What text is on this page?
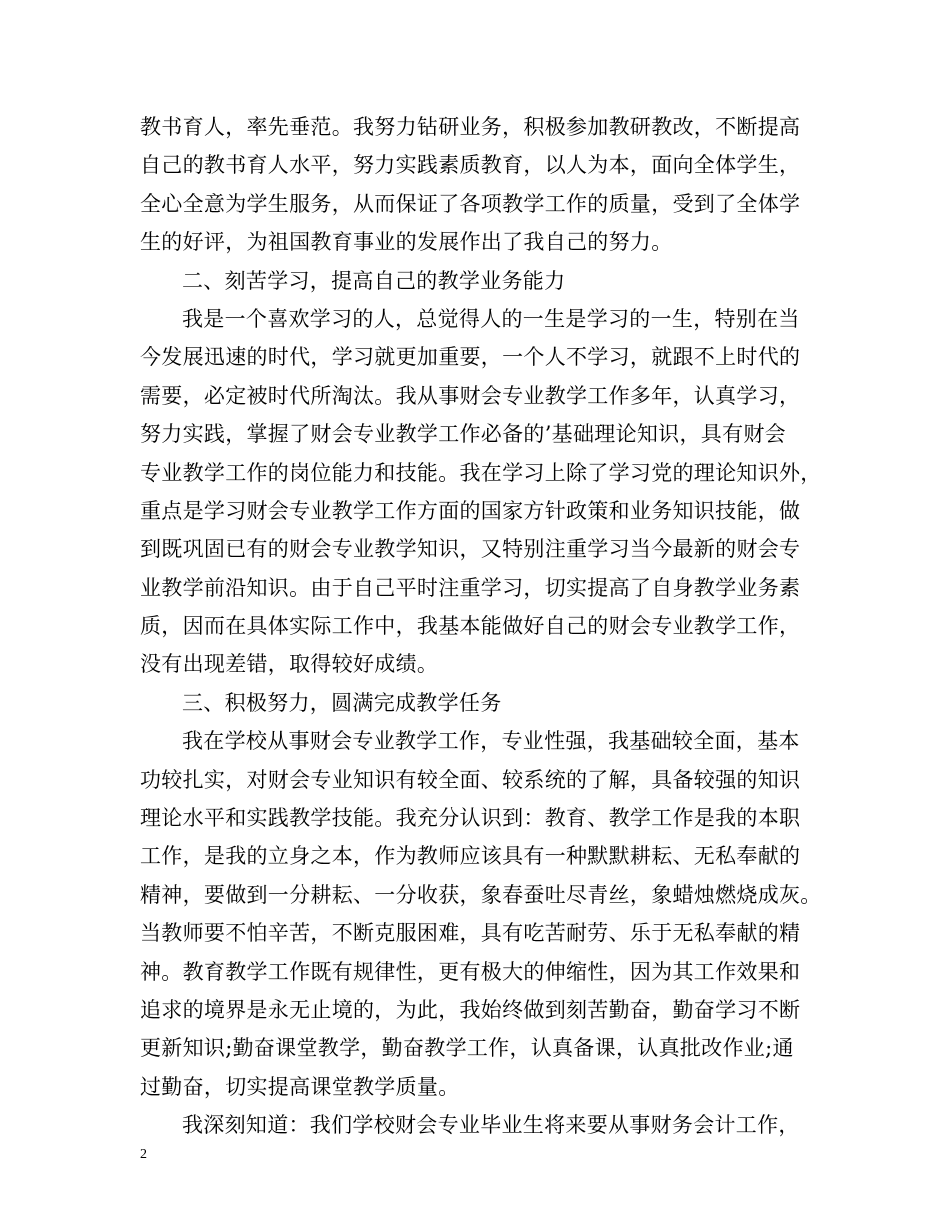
教书育人，率先垂范。我努力钻研业务，积极参加教研教改，不断提高
自己的教书育人水平，努力实践素质教育，以人为本，面向全体学生，
全心全意为学生服务，从而保证了各项教学工作的质量，受到了全体学
生的好评，为祖国教育事业的发展作出了我自己的努力。
二、刻苦学习，提高自己的教学业务能力
我是一个喜欢学习的人，总觉得人的一生是学习的一生，特别在当
今发展迅速的时代，学习就更加重要，一个人不学习，就跟不上时代的
需要，必定被时代所淘汰。我从事财会专业教学工作多年，认真学习，
努力实践，掌握了财会专业教学工作必备的’基础理论知识，具有财会
专业教学工作的岗位能力和技能。我在学习上除了学习党的理论知识外，
重点是学习财会专业教学工作方面的国家方针政策和业务知识技能，做
到既巩固已有的财会专业教学知识，又特别注重学习当今最新的财会专
业教学前沿知识。由于自己平时注重学习，切实提高了自身教学业务素
质，因而在具体实际工作中，我基本能做好自己的财会专业教学工作，
没有出现差错，取得较好成绩。
三、积极努力，圆满完成教学任务
我在学校从事财会专业教学工作，专业性强，我基础较全面，基本
功较扎实，对财会专业知识有较全面、较系统的了解，具备较强的知识
理论水平和实践教学技能。我充分认识到：教育、教学工作是我的本职
工作，是我的立身之本，作为教师应该具有一种默默耕耘、无私奉献的
精神，要做到一分耕耘、一分收获，象春蚕吐尽青丝，象蜡烛燃烧成灰。
当教师要不怕辛苦，不断克服困难，具有吃苦耐劳、乐于无私奉献的精
神。教育教学工作既有规律性，更有极大的伸缩性，因为其工作效果和
追求的境界是永无止境的，为此，我始终做到刻苦勤奋，勤奋学习不断
更新知识;勤奋课堂教学，勤奋教学工作，认真备课，认真批改作业;通
过勤奋，切实提高课堂教学质量。
我深刻知道：我们学校财会专业毕业生将来要从事财务会计工作，
2
